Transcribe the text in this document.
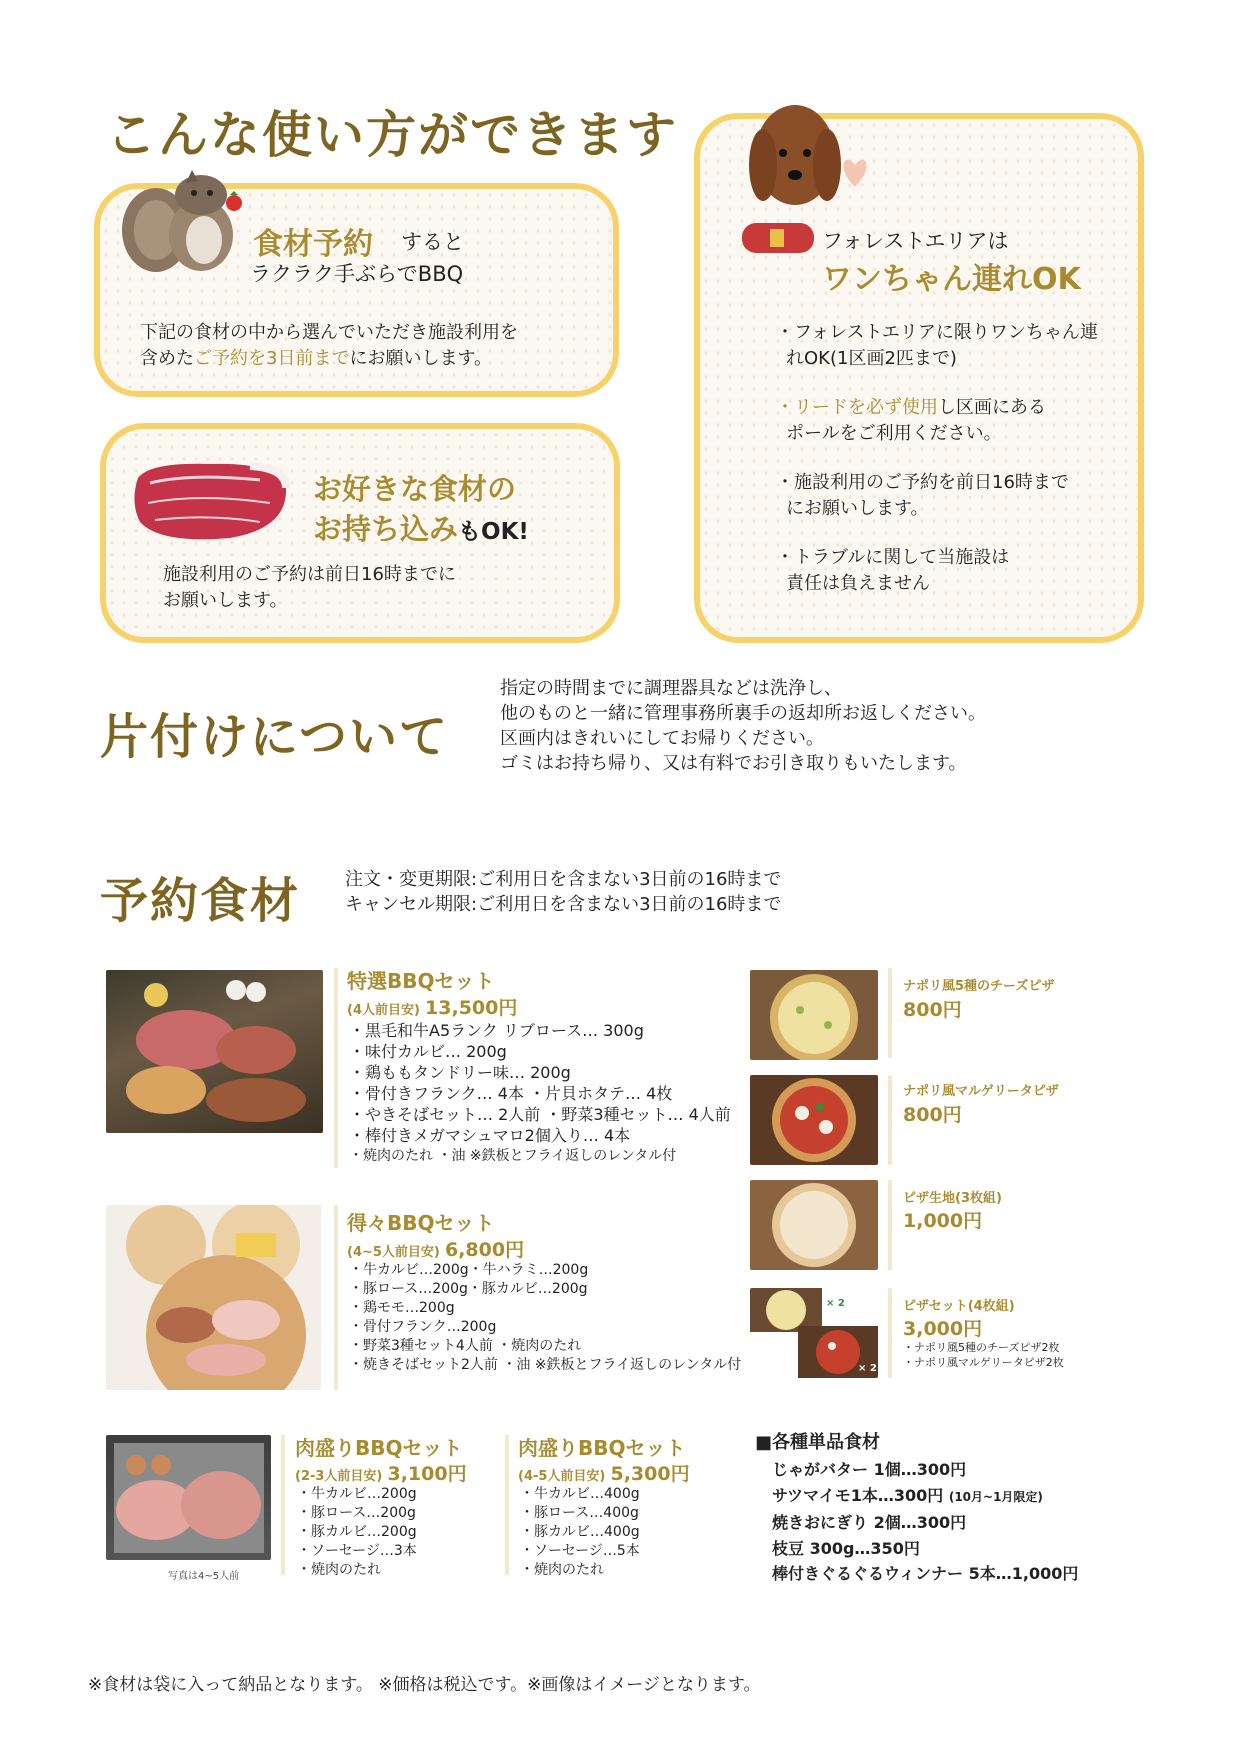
こんな使い方ができます
食材予約 すると
ラクラク手ぶらでBBQ
下記の食材の中から選んでいただき施設利用を
含めたご予約を3日前までにお願いします。
お好きな食材の
お持ち込みもOK!
施設利用のご予約は前日16時までに
お願いします。
フォレストエリアは
ワンちゃん連れOK
・フォレストエリアに限りワンちゃん連
れOK(1区画2匹まで)
・リードを必ず使用し区画にある
ポールをご利用ください。
・施設利用のご予約を前日16時まで
にお願いします。
・トラブルに関して当施設は
責任は負えません
片付けについて
指定の時間までに調理器具などは洗浄し、
他のものと一緒に管理事務所裏手の返却所お返しください。
区画内はきれいにしてお帰りください。
ゴミはお持ち帰り、又は有料でお引き取りもいたします。
予約食材 注文・変更期限:ご利用日を含まない3日前の16時まで
キャンセル期限:ご利用日を含まない3日前の16時まで
特選BBQセット
(4人前目安) 13,500円
・黒毛和牛A5ランク リブロース… 300g
・味付カルビ… 200g
・鶏ももタンドリー味… 200g
・骨付きフランク… 4本 ・片貝ホタテ… 4枚
・やきそばセット… 2人前 ・野菜3種セット… 4人前
・棒付きメガマシュマロ2個入り… 4本
・焼肉のたれ ・油 ※鉄板とフライ返しのレンタル付
得々BBQセット
(4~5人前目安) 6,800円
・牛カルビ…200g・牛ハラミ…200g
・豚ロース…200g・豚カルビ…200g
・鶏モモ…200g
・骨付フランク…200g
・野菜3種セット4人前 ・焼肉のたれ
・焼きそばセット2人前 ・油 ※鉄板とフライ返しのレンタル付
写真は4~5人前
肉盛りBBQセット
(2-3人前目安) 3,100円
・牛カルビ…200g
・豚ロース…200g
・豚カルビ…200g
・ソーセージ…3本
・焼肉のたれ
肉盛りBBQセット
(4-5人前目安) 5,300円
・牛カルビ…400g
・豚ロース…400g
・豚カルビ…400g
・ソーセージ…5本
・焼肉のたれ
ナポリ風5種のチーズピザ
800円
ナポリ風マルゲリータピザ
800円
ピザ生地(3枚組)
1,000円
× 2
× 2
ピザセット(4枚組)
3,000円
・ナポリ風5種のチーズピザ2枚
・ナポリ風マルゲリータピザ2枚
■各種単品食材
じゃがバター 1個…300円
サツマイモ1本…300円 (10月~1月限定)
焼きおにぎり 2個…300円
枝豆 300g…350円
棒付きぐるぐるウィンナー 5本…1,000円
※食材は袋に入って納品となります。 ※価格は税込です。※画像はイメージとなります。
